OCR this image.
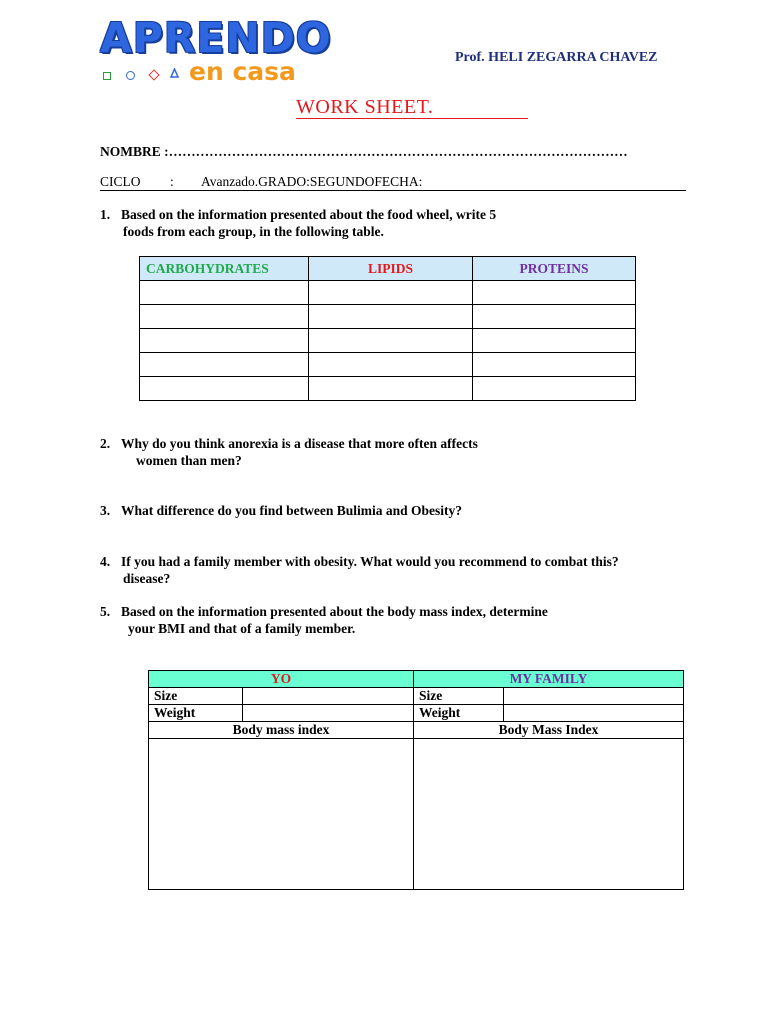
APRENDO
en casa	Prof. HELI ZEGARRA CHAVEZ
WORK SHEET.
NOMBRE :…………………………………………………………………………………………
CICLO : Avanzado.GRADO:SEGUNDOFECHA:
1. Based on the information presented about the food wheel, write 5
foods from each group, in the following table.
CARBOHYDRATES	LIPIDS	PROTEINS

2. Why do you think anorexia is a disease that more often affects
women than men?
3. What difference do you find between Bulimia and Obesity?
4. If you had a family member with obesity. What would you recommend to combat this?
disease?
5. Based on the information presented about the body mass index, determine
your BMI and that of a family member.
YO		MY FAMILY	
Size		Size	
Weight		Weight	
Body mass index		Body Mass Index	
